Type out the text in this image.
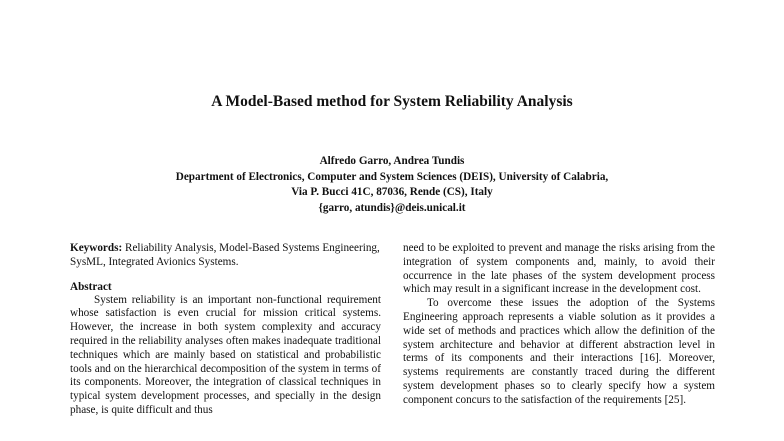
A Model-Based method for System Reliability Analysis
Alfredo Garro, Andrea Tundis
Department of Electronics, Computer and System Sciences (DEIS), University of Calabria,
Via P. Bucci 41C, 87036, Rende (CS), Italy
{garro, atundis}@deis.unical.it

Keywords: Reliability Analysis, Model-Based Systems Engineering, SysML, Integrated Avionics Systems.

Abstract

System reliability is an important non-functional requirement whose satisfaction is even crucial for mission critical systems. However, the increase in both system complexity and accuracy required in the reliability analyses often makes inadequate traditional techniques which are mainly based on statistical and probabilistic tools and on the hierarchical decomposition of the system in terms of its components. Moreover, the integration of classical techniques in typical system development processes, and specially in the design phase, is quite difficult and thus

need to be exploited to prevent and manage the risks arising from the integration of system components and, mainly, to avoid their occurrence in the late phases of the system development process which may result in a significant increase in the development cost.

To overcome these issues the adoption of the Systems Engineering approach represents a viable solution as it provides a wide set of methods and practices which allow the definition of the system architecture and behavior at different abstraction level in terms of its components and their interactions [16]. Moreover, systems requirements are constantly traced during the different system development phases so to clearly specify how a system component concurs to the satisfaction of the requirements [25].
